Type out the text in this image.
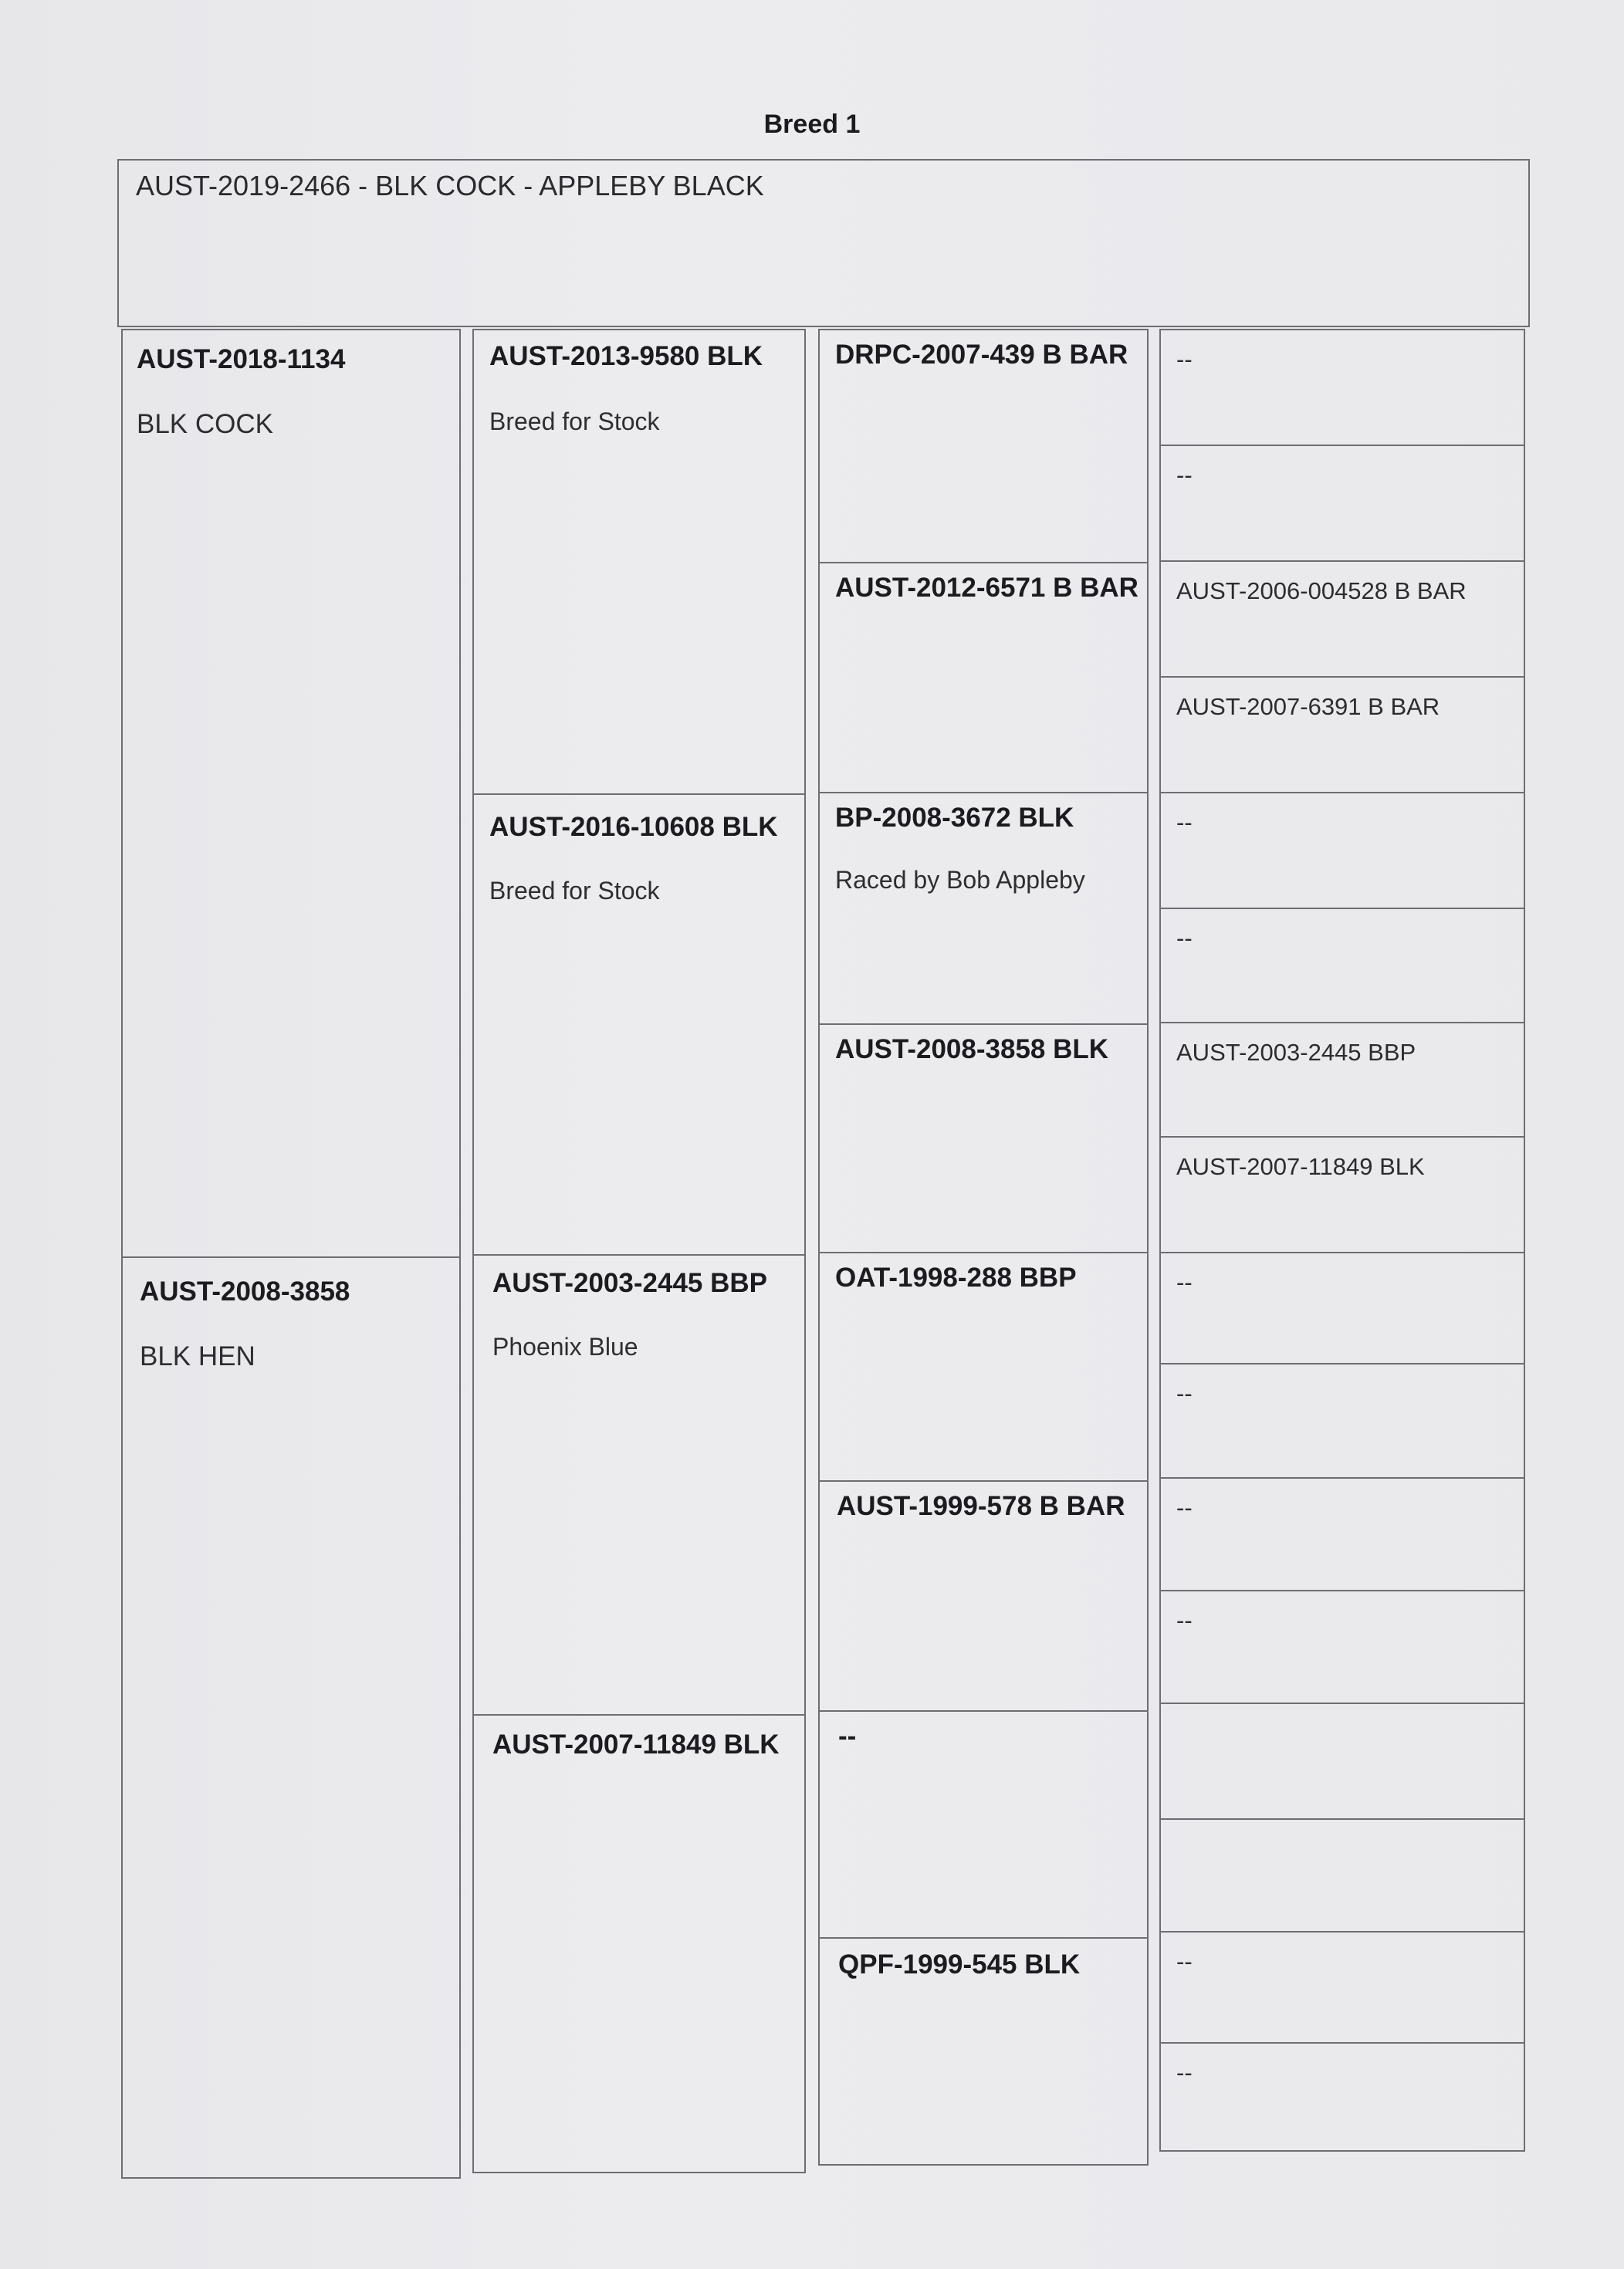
Breed 1
AUST-2019-2466 - BLK COCK - APPLEBY BLACK
AUST-2018-1134
BLK COCK
AUST-2008-3858
BLK HEN
AUST-2013-9580 BLK
Breed for Stock
AUST-2016-10608 BLK
Breed for Stock
AUST-2003-2445 BBP
Phoenix Blue
AUST-2007-11849 BLK
DRPC-2007-439 B BAR
AUST-2012-6571 B BAR
BP-2008-3672 BLK
Raced by Bob Appleby
AUST-2008-3858 BLK
OAT-1998-288 BBP
AUST-1999-578 B BAR
--
QPF-1999-545 BLK
--
--
AUST-2006-004528 B BAR
AUST-2007-6391 B BAR
--
--
AUST-2003-2445 BBP
AUST-2007-11849 BLK
--
--
--
--
--
--
